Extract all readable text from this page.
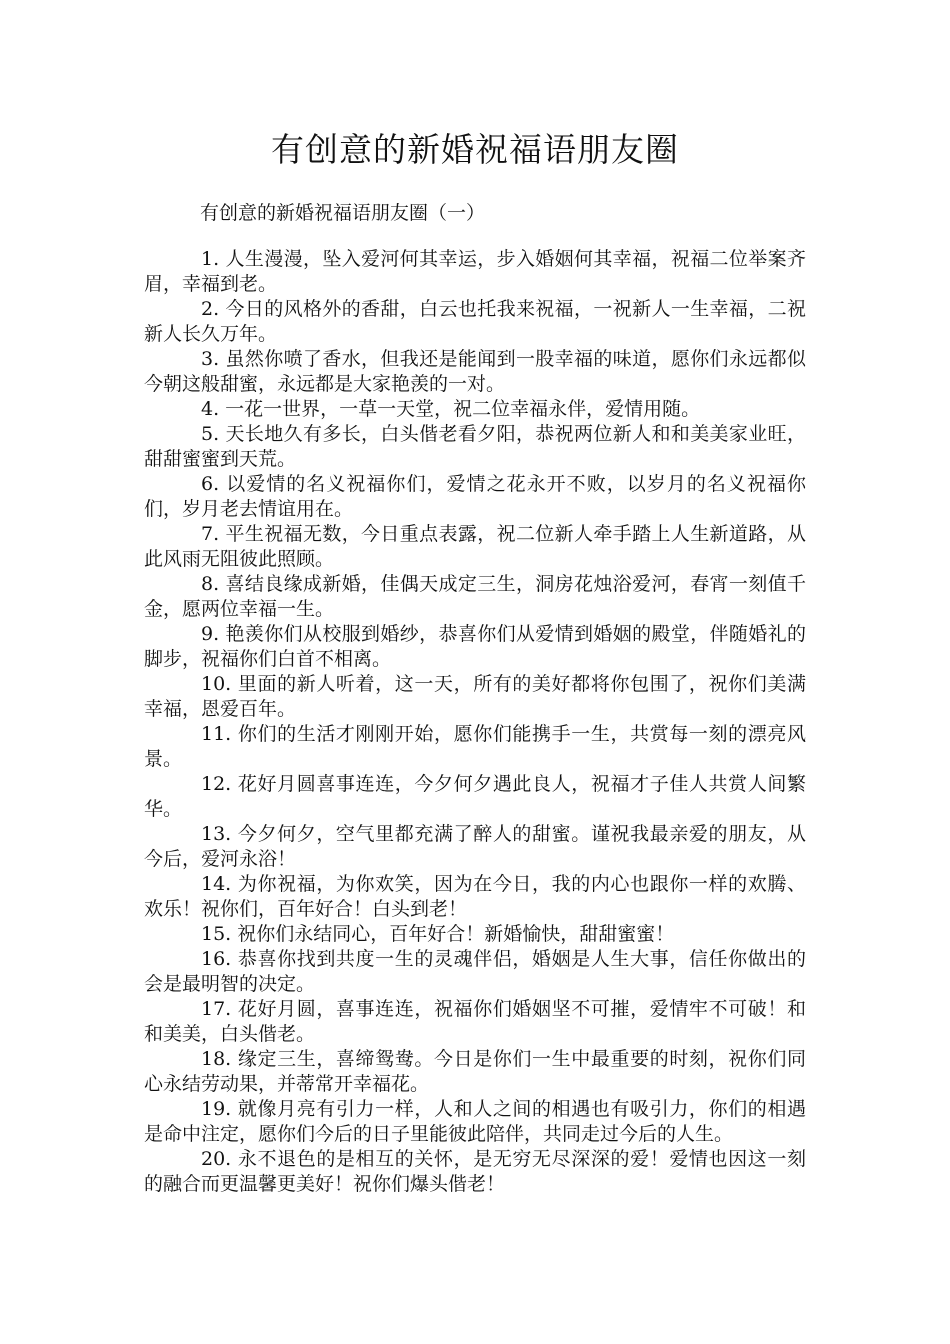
有创意的新婚祝福语朋友圈

有创意的新婚祝福语朋友圈（一）

1. 人生漫漫，坠入爱河何其幸运，步入婚姻何其幸福，祝福二位举案齐眉，幸福到老。

2. 今日的风格外的香甜，白云也托我来祝福，一祝新人一生幸福，二祝新人长久万年。

3. 虽然你喷了香水，但我还是能闻到一股幸福的味道，愿你们永远都似今朝这般甜蜜，永远都是大家艳羡的一对。

4. 一花一世界，一草一天堂，祝二位幸福永伴，爱情用随。

5. 天长地久有多长，白头偕老看夕阳，恭祝两位新人和和美美家业旺，甜甜蜜蜜到天荒。

6. 以爱情的名义祝福你们，爱情之花永开不败，以岁月的名义祝福你们，岁月老去情谊用在。

7. 平生祝福无数，今日重点表露，祝二位新人牵手踏上人生新道路，从此风雨无阻彼此照顾。

8. 喜结良缘成新婚，佳偶天成定三生，洞房花烛浴爱河，春宵一刻值千金，愿两位幸福一生。

9. 艳羡你们从校服到婚纱，恭喜你们从爱情到婚姻的殿堂，伴随婚礼的脚步，祝福你们白首不相离。

10. 里面的新人听着，这一天，所有的美好都将你包围了，祝你们美满幸福，恩爱百年。

11. 你们的生活才刚刚开始，愿你们能携手一生，共赏每一刻的漂亮风景。

12. 花好月圆喜事连连，今夕何夕遇此良人，祝福才子佳人共赏人间繁华。

13. 今夕何夕，空气里都充满了醉人的甜蜜。谨祝我最亲爱的朋友，从今后，爱河永浴！

14. 为你祝福，为你欢笑，因为在今日，我的内心也跟你一样的欢腾、欢乐！祝你们，百年好合！白头到老！

15. 祝你们永结同心，百年好合！新婚愉快，甜甜蜜蜜！

16. 恭喜你找到共度一生的灵魂伴侣，婚姻是人生大事，信任你做出的会是最明智的决定。

17. 花好月圆，喜事连连，祝福你们婚姻坚不可摧，爱情牢不可破！和和美美，白头偕老。

18. 缘定三生，喜缔鸳鸯。今日是你们一生中最重要的时刻，祝你们同心永结劳动果，并蒂常开幸福花。

19. 就像月亮有引力一样，人和人之间的相遇也有吸引力，你们的相遇是命中注定，愿你们今后的日子里能彼此陪伴，共同走过今后的人生。

20. 永不退色的是相互的关怀，是无穷无尽深深的爱！爱情也因这一刻的融合而更温馨更美好！祝你们爆头偕老！
